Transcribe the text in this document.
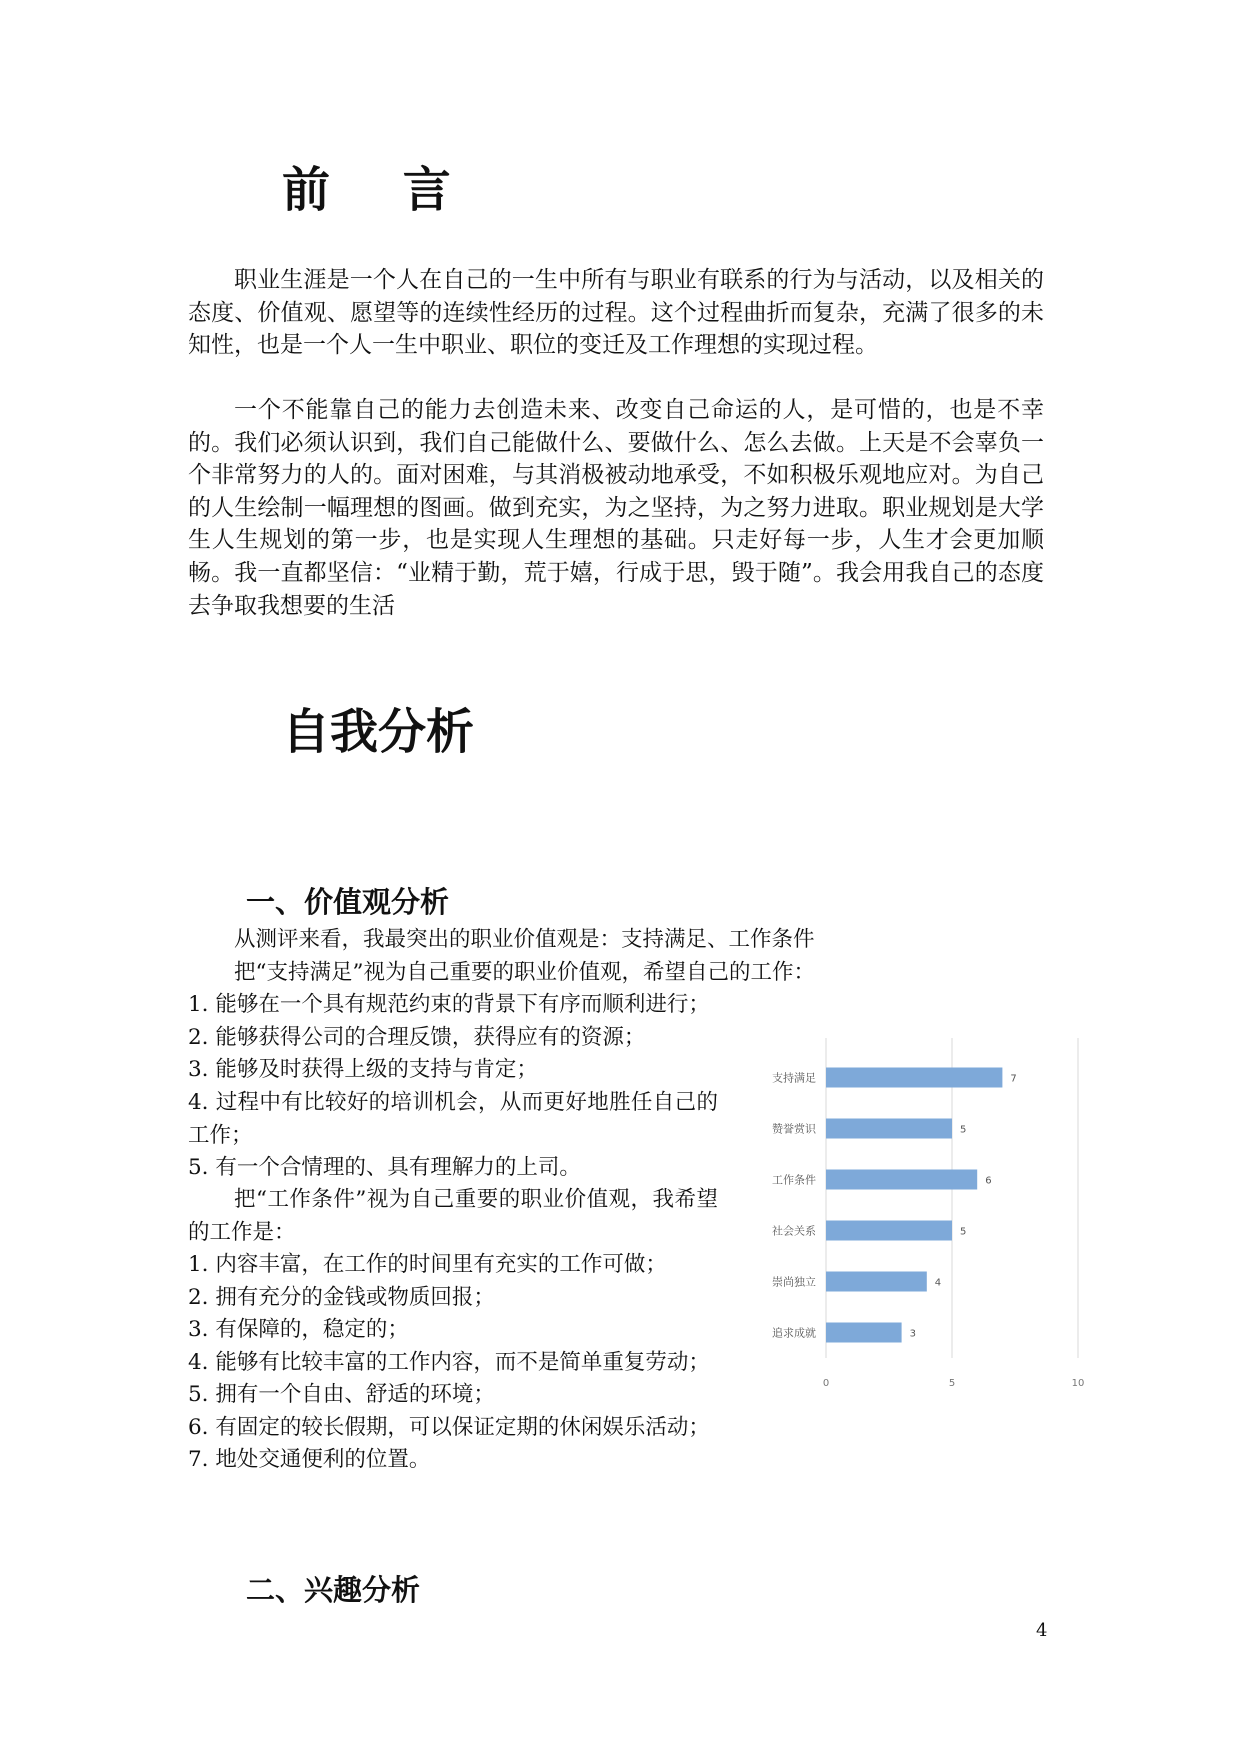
前 言

职业生涯是一个人在自己的一生中所有与职业有联系的行为与活动，以及相关的态度、价值观、愿望等的连续性经历的过程。这个过程曲折而复杂，充满了很多的未知性，也是一个人一生中职业、职位的变迁及工作理想的实现过程。

一个不能靠自己的能力去创造未来、改变自己命运的人，是可惜的，也是不幸的。我们必须认识到，我们自己能做什么、要做什么、怎么去做。上天是不会辜负一个非常努力的人的。面对困难，与其消极被动地承受，不如积极乐观地应对。为自己的人生绘制一幅理想的图画。做到充实，为之坚持，为之努力进取。职业规划是大学生人生规划的第一步，也是实现人生理想的基础。只走好每一步，人生才会更加顺畅。我一直都坚信：“业精于勤，荒于嬉，行成于思，毁于随”。我会用我自己的态度去争取我想要的生活

自我分析
一、价值观分析

从测评来看，我最突出的职业价值观是：支持满足、工作条件

把“支持满足”视为自己重要的职业价值观，希望自己的工作：

1. 能够在一个具有规范约束的背景下有序而顺利进行；

2. 能够获得公司的合理反馈，获得应有的资源；

3. 能够及时获得上级的支持与肯定；

4. 过程中有比较好的培训机会，从而更好地胜任自己的工作；

5. 有一个合情理的、具有理解力的上司。

把“工作条件”视为自己重要的职业价值观，我希望的工作是：

1. 内容丰富，在工作的时间里有充实的工作可做；

2. 拥有充分的金钱或物质回报；

3. 有保障的，稳定的；

4. 能够有比较丰富的工作内容，而不是简单重复劳动；

5. 拥有一个自由、舒适的环境；

6. 有固定的较长假期，可以保证定期的休闲娱乐活动；

7. 地处交通便利的位置。

0	5	10
支持满足	7
赞誉赏识	5
工作条件	6
社会关系	5
崇尚独立	4
追求成就	3
二、兴趣分析
4
